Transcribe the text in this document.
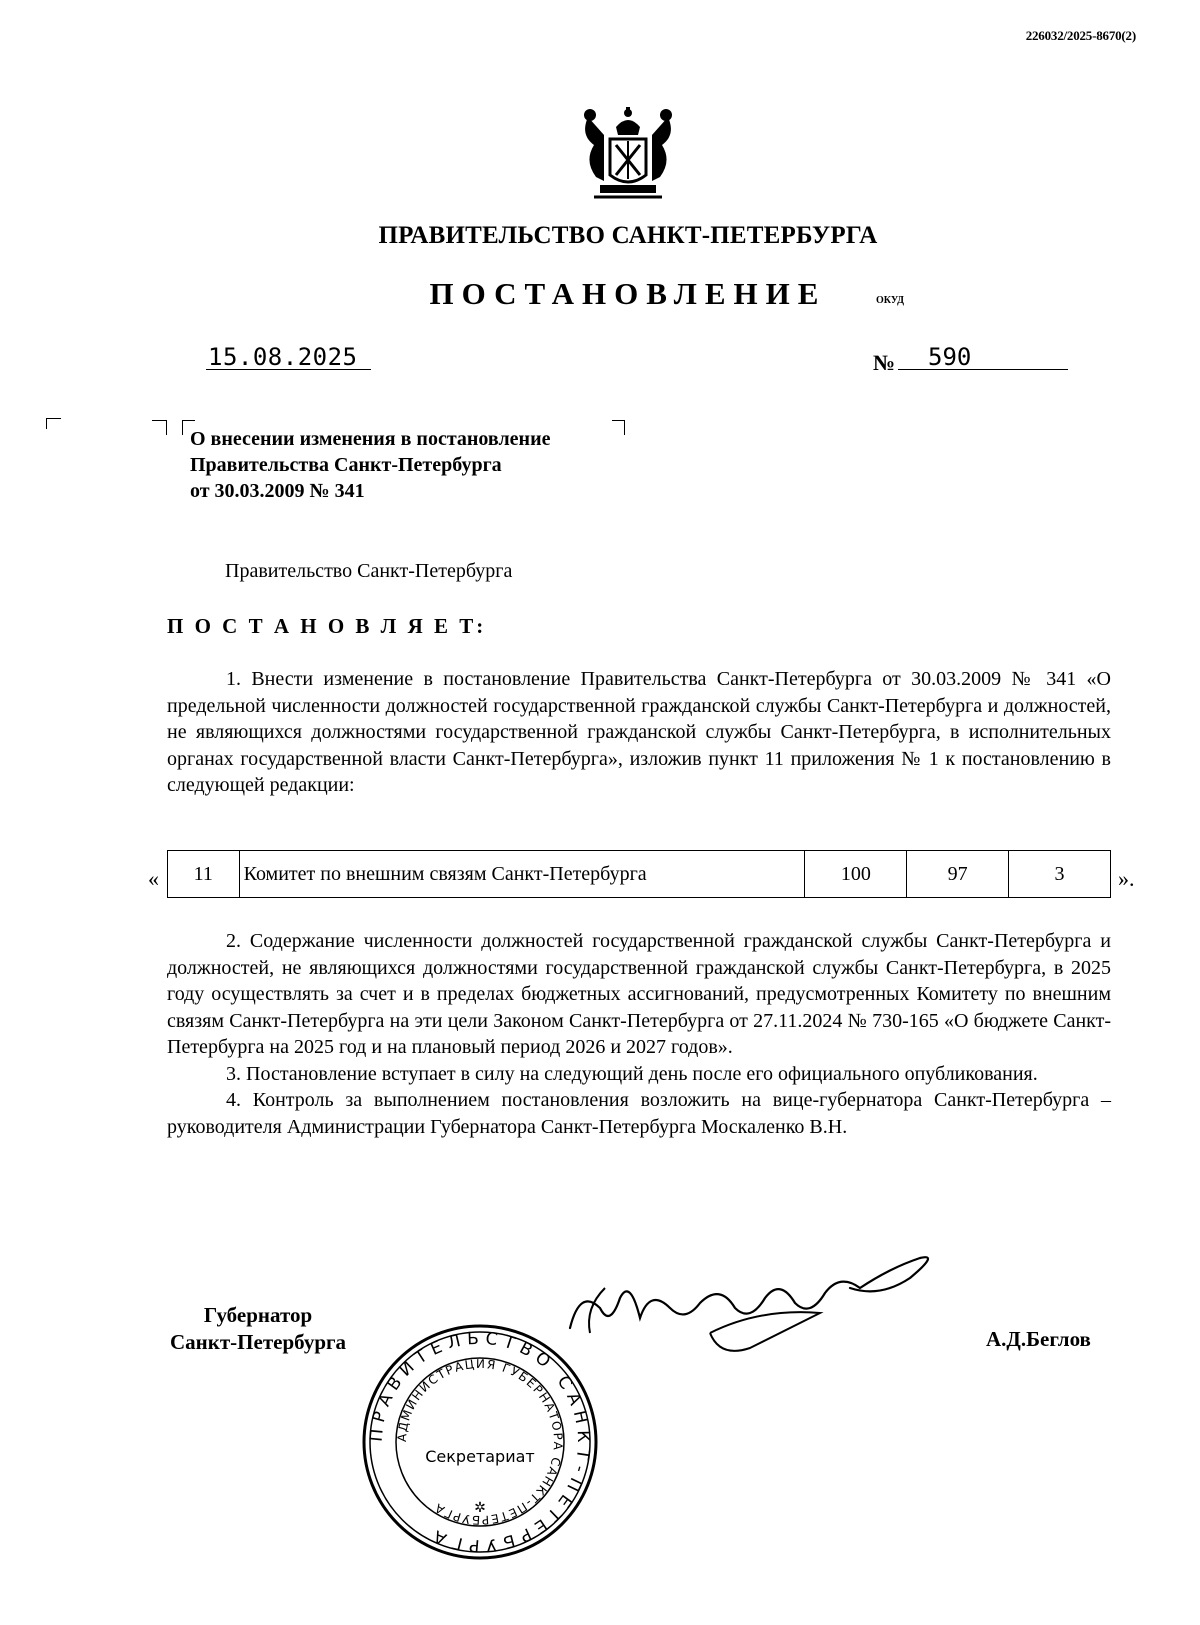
226032/2025-8670(2)
ПРАВИТЕЛЬСТВО САНКТ-ПЕТЕРБУРГА
ПОСТАНОВЛЕНИЕ	ОКУД
15.08.2025	№	590
О внесении изменения в постановление
Правительства Санкт-Петербурга
от 30.03.2009 № 341
Правительство Санкт-Петербурга
П О С Т А Н О В Л Я Е Т:

1. Внести изменение в постановление Правительства Санкт-Петербурга от 30.03.2009 № 341 «О предельной численности должностей государственной гражданской службы Санкт-Петербурга и должностей, не являющихся должностями государственной гражданской службы Санкт-Петербурга, в исполнительных органах государственной власти Санкт-Петербурга», изложив пункт 11 приложения № 1 к постановлению в следующей редакции:

« 11	Комитет по внешним связям Санкт-Петербурга	100	97	3 ».

2. Содержание численности должностей государственной гражданской службы Санкт-Петербурга и должностей, не являющихся должностями государственной гражданской службы Санкт-Петербурга, в 2025 году осуществлять за счет и в пределах бюджетных ассигнований, предусмотренных Комитету по внешним связям Санкт-Петербурга на эти цели Законом Санкт-Петербурга от 27.11.2024 № 730-165 «О бюджете Санкт-Петербурга на 2025 год и на плановый период 2026 и 2027 годов».

3. Постановление вступает в силу на следующий день после его официального опубликования.

4. Контроль за выполнением постановления возложить на вице-губернатора Санкт-Петербурга – руководителя Администрации Губернатора Санкт-Петербурга Москаленко В.Н.

Губернатор
Санкт-Петербурга	А.Д.Беглов
ПРАВИТЕЛЬСТВО САНКТ-ПЕТЕРБУРГА
АДМИНИСТРАЦИЯ ГУБЕРНАТОРА САНКТ-ПЕТЕРБУРГА
Секретариат
✲
